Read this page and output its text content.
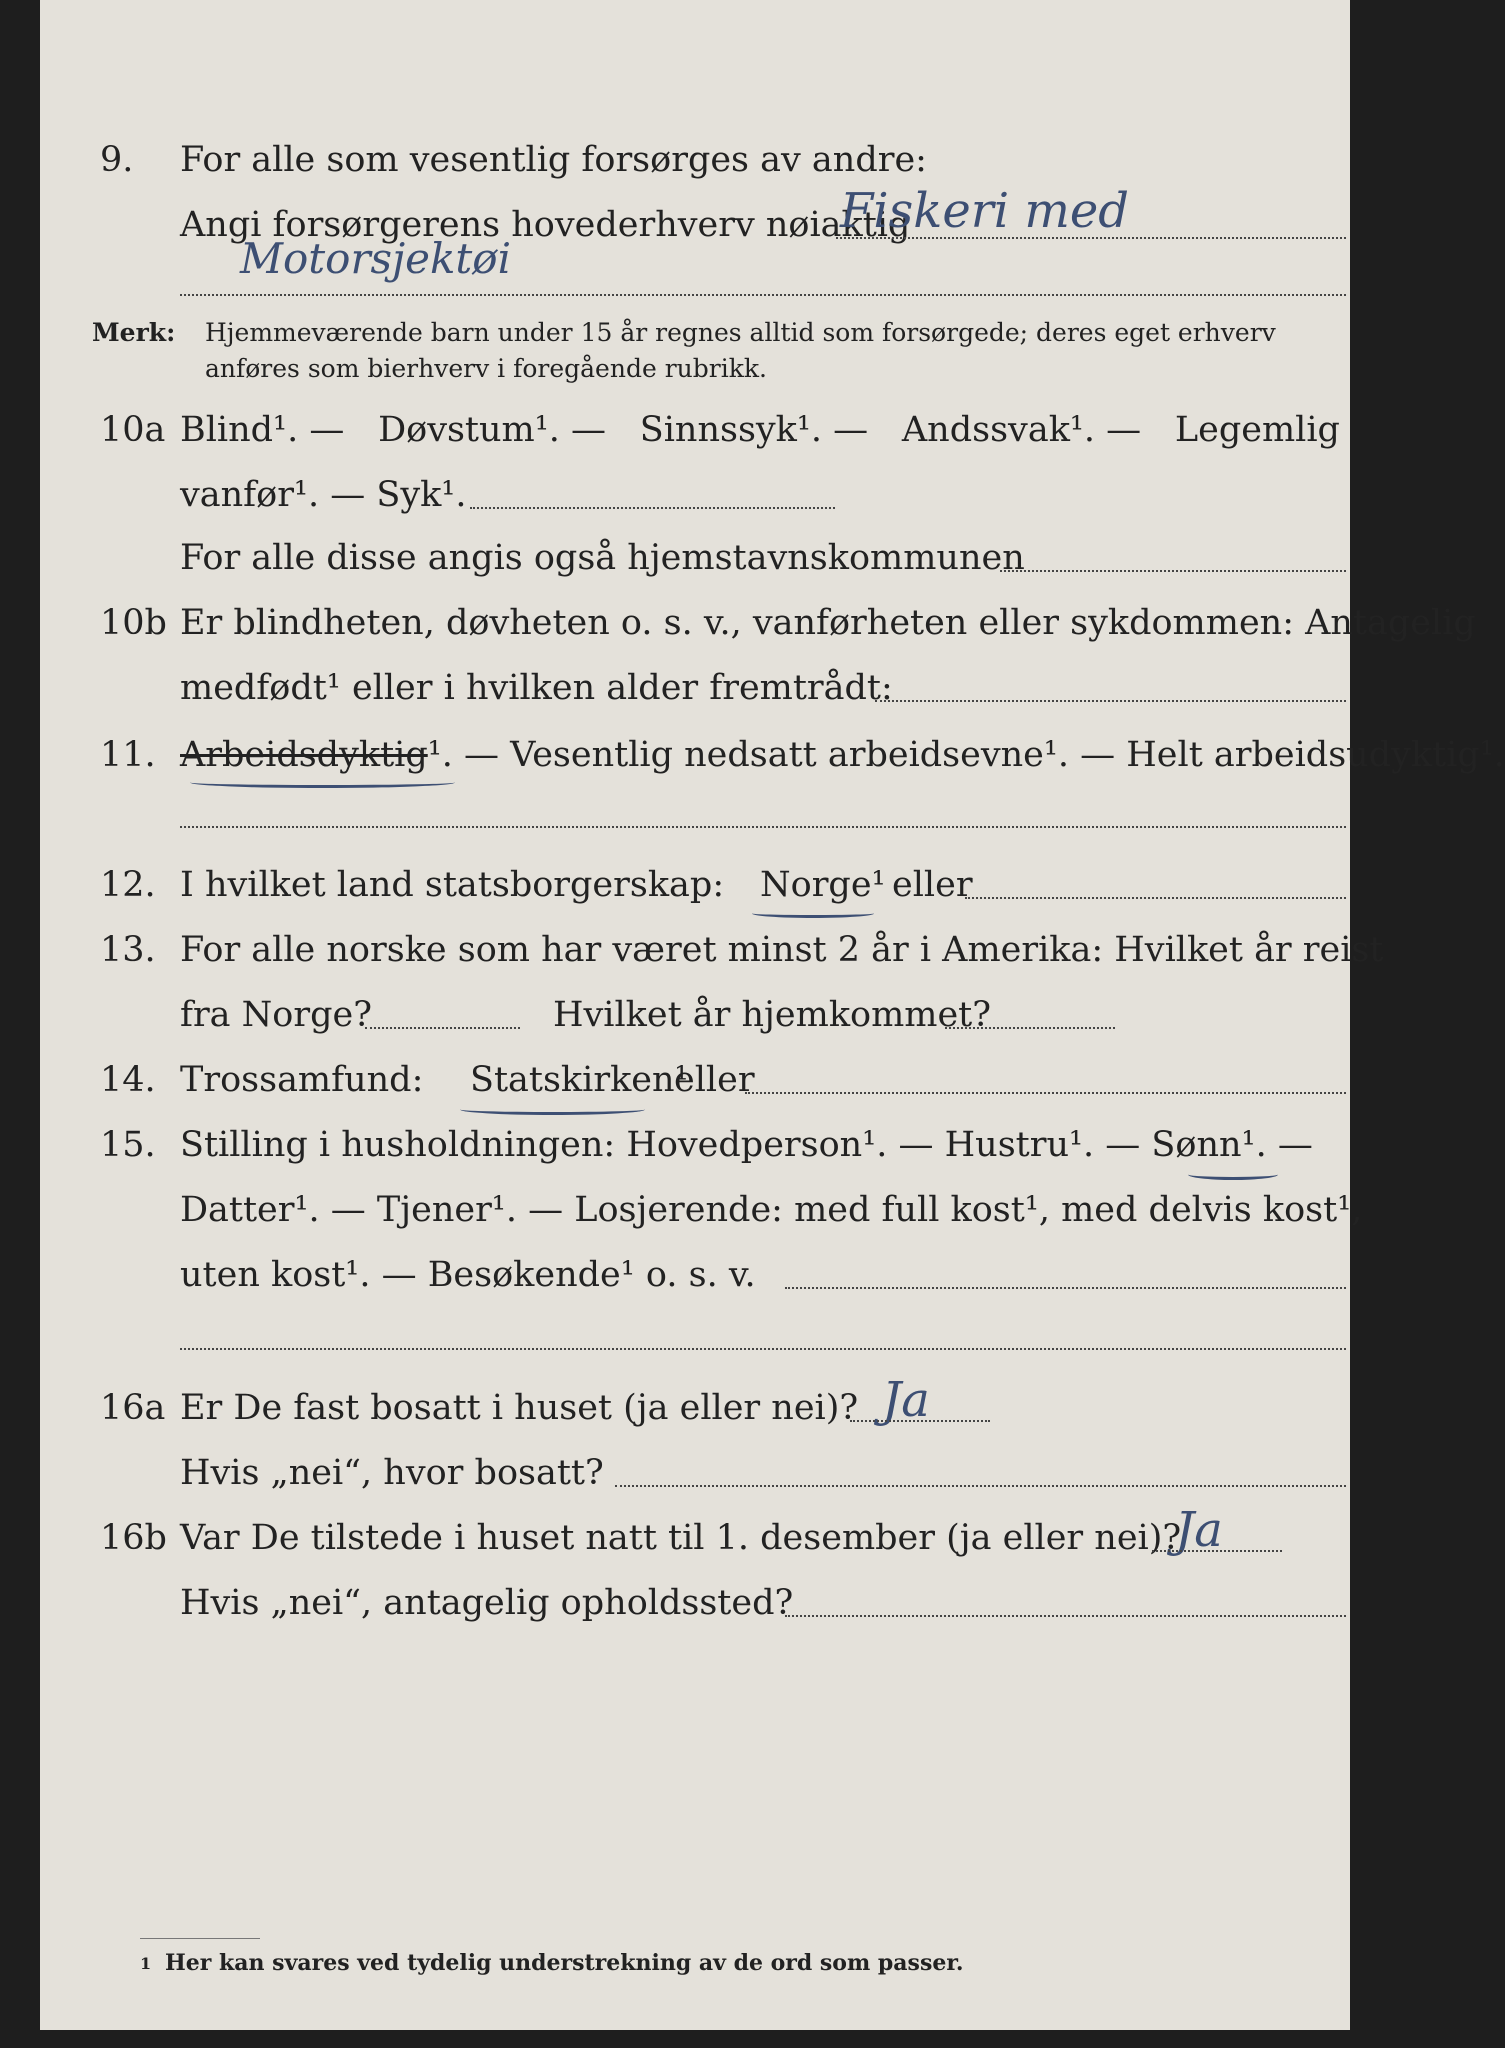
9. For alle som vesentlig forsørges av andre:
Angi forsørgerens hovederhverv nøiaktig
Fiskeri med
Motorsjektøi
Merk: Hjemmeværende barn under 15 år regnes alltid som forsørgede; deres eget erhverv
anføres som bierhverv i foregående rubrikk.
10a Blind¹. — Døvstum¹. — Sinnssyk¹. — Andssvak¹. — Legemlig
vanfør¹. — Syk¹.
For alle disse angis også hjemstavnskommunen
10b Er blindheten, døvheten o. s. v., vanførheten eller sykdommen: Antagelig
medfødt¹ eller i hvilken alder fremtrådt:
11. Arbeidsdyktig¹. — Vesentlig nedsatt arbeidsevne¹. — Helt arbeidsudyktig¹.
12. I hvilket land statsborgerskap: Norge¹ eller
13. For alle norske som har været minst 2 år i Amerika: Hvilket år reist
fra Norge?	Hvilket år hjemkommet?
14. Trossamfund: Statskirken¹
eller
15. Stilling i husholdningen: Hovedperson¹. — Hustru¹. — Sønn¹. —
Datter¹. — Tjener¹. — Losjerende: med full kost¹, med delvis kost¹,
uten kost¹. — Besøkende¹ o. s. v.
16a Er De fast bosatt i huset (ja eller nei)? Ja
Hvis „nei“, hvor bosatt?
16b Var De tilstede i huset natt til 1. desember (ja eller nei)?
Ja
Hvis „nei“, antagelig opholdssted?
1 Her kan svares ved tydelig understrekning av de ord som passer.
